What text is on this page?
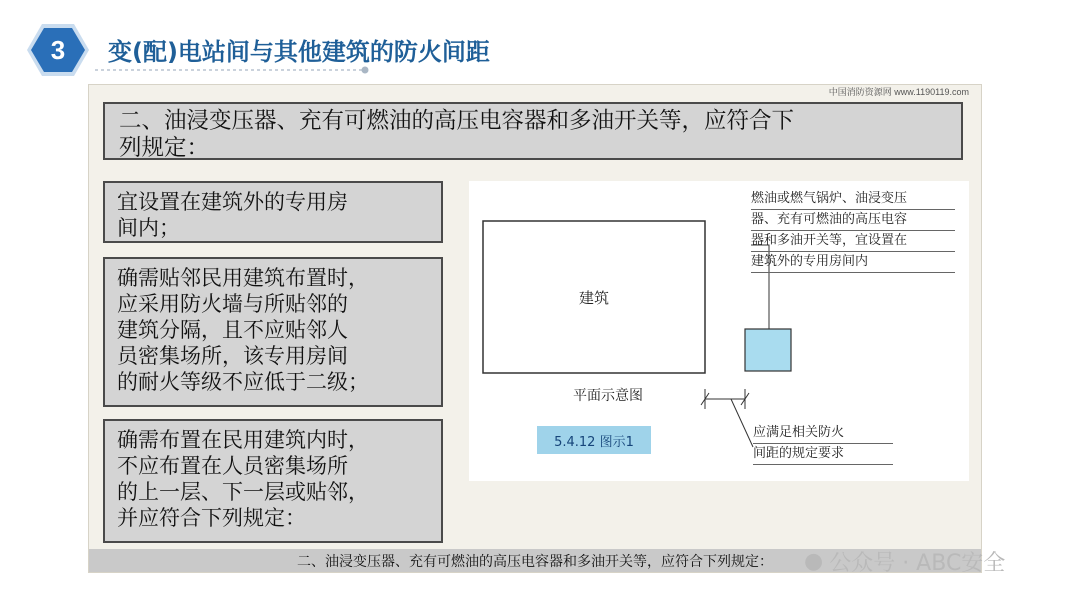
3	变(配)电站间与其他建筑的防火间距
中国消防资源网 www.1190119.com
二、油浸变压器、充有可燃油的高压电容器和多油开关等，应符合下
列规定：
宜设置在建筑外的专用房
间内；
确需贴邻民用建筑布置时，
应采用防火墙与所贴邻的
建筑分隔，且不应贴邻人
员密集场所，该专用房间
的耐火等级不应低于二级；
确需布置在民用建筑内时，
不应布置在人员密集场所
的上一层、下一层或贴邻，
并应符合下列规定：
建筑
平面示意图
5.4.12 图示1
燃油或燃气锅炉、油浸变压
器、充有可燃油的高压电容
器和多油开关等，宜设置在
建筑外的专用房间内
应满足相关防火
间距的规定要求
二、油浸变压器、充有可燃油的高压电容器和多油开关等，应符合下列规定：	● 公众号 · ABC安全
